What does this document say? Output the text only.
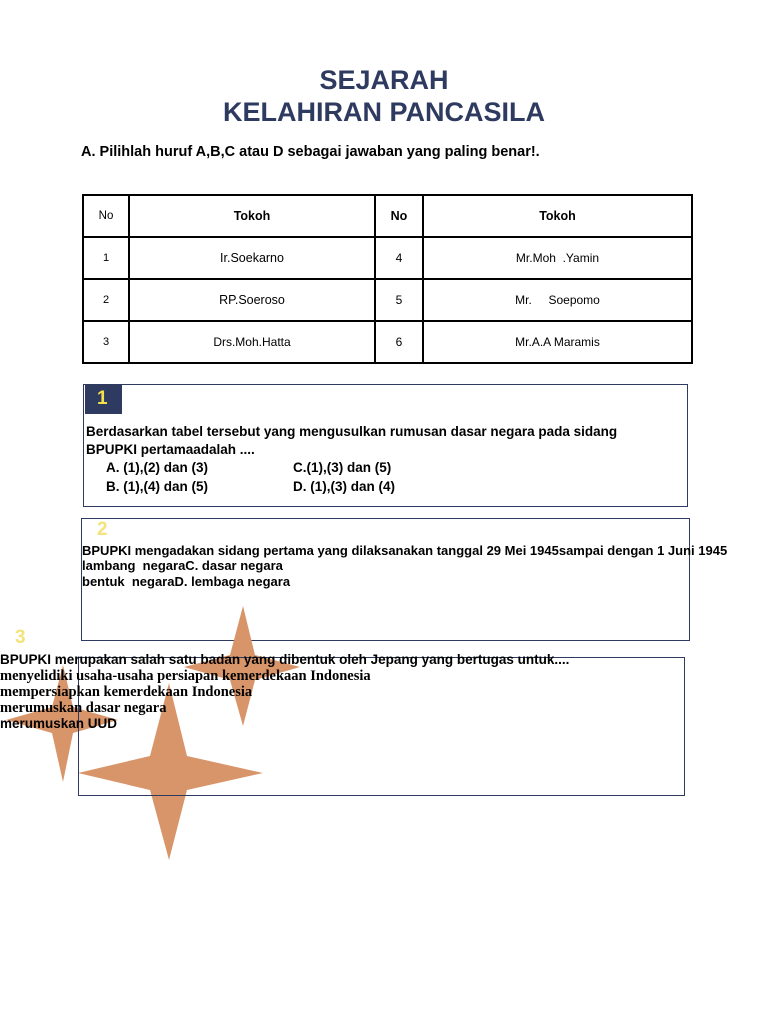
SEJARAH
KELAHIRAN PANCASILA
A. Pilihlah huruf A,B,C atau D sebagai jawaban yang paling benar!.
No	Tokoh	No	Tokoh
1	Ir.Soekarno	4	Mr.Moh  .Yamin
2	RP.Soeroso	5	Mr.     Soepomo
3	Drs.Moh.Hatta	6	Mr.A.A Maramis
1
Berdasarkan tabel tersebut yang mengusulkan rumusan dasar negara pada sidang
BPUPKI pertamaadalah ....
A. (1),(2) dan (3)	C.(1),(3) dan (5)
B. (1),(4) dan (5)	D. (1),(3) dan (4)
2
BPUPKI mengadakan sidang pertama yang dilaksanakan tanggal 29 Mei 1945sampai dengan 1 Juni 1945
lambang  negaraC. dasar negara
bentuk  negaraD. lembaga negara
3
BPUPKI merupakan salah satu badan yang dibentuk oleh Jepang yang bertugas untuk....
menyelidiki usaha-usaha persiapan kemerdekaan Indonesia
mempersiapkan kemerdekaan Indonesia
merumuskan dasar negara
merumuskan UUD
